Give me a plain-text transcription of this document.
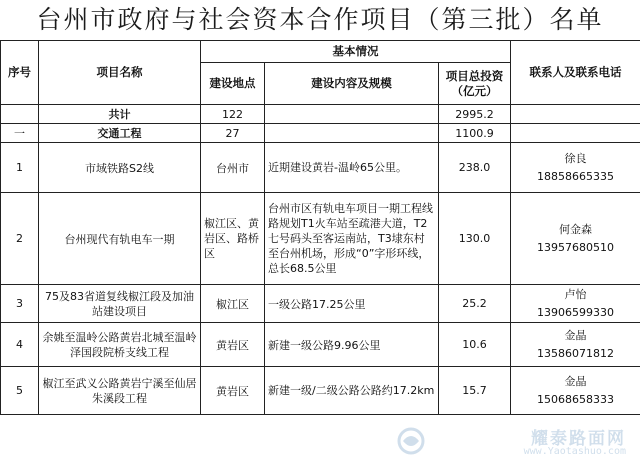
台州市政府与社会资本合作项目（第三批）名单
序号	项目名称	基本情况			联系人及联系电话
		建设地点	建设内容及规模	项目总投资（亿元）	
	共计	122		2995.2	
一	交通工程	27		1100.9	
1	市域铁路S2线	台州市	近期建设黄岩-温岭65公里。	238.0	徐良
18858665335

2	台州现代有轨电车一期	椒江区、黄岩区、路桥区	台州市区有轨电车项目一期工程线路规划T1火车站至疏港大道，T2七号码头至客运南站，T3埭东村至台州机场，形成“0”字形环线，总长68.5公里	130.0	何金森
13957680510

3	75及83省道复线椒江段及加油站建设项目	椒江区	一级公路17.25公里	25.2	卢怡
13906599330

4	余姚至温岭公路黄岩北城至温岭泽国段院桥支线工程	黄岩区	新建一级公路9.96公里	10.6	金晶
13586071812

5	椒江至武义公路黄岩宁溪至仙居朱溪段工程	黄岩区	新建一级/二级公路公路约17.2km	15.7	金晶
15068658333
耀泰路面网
www.Yaotashuo.com
